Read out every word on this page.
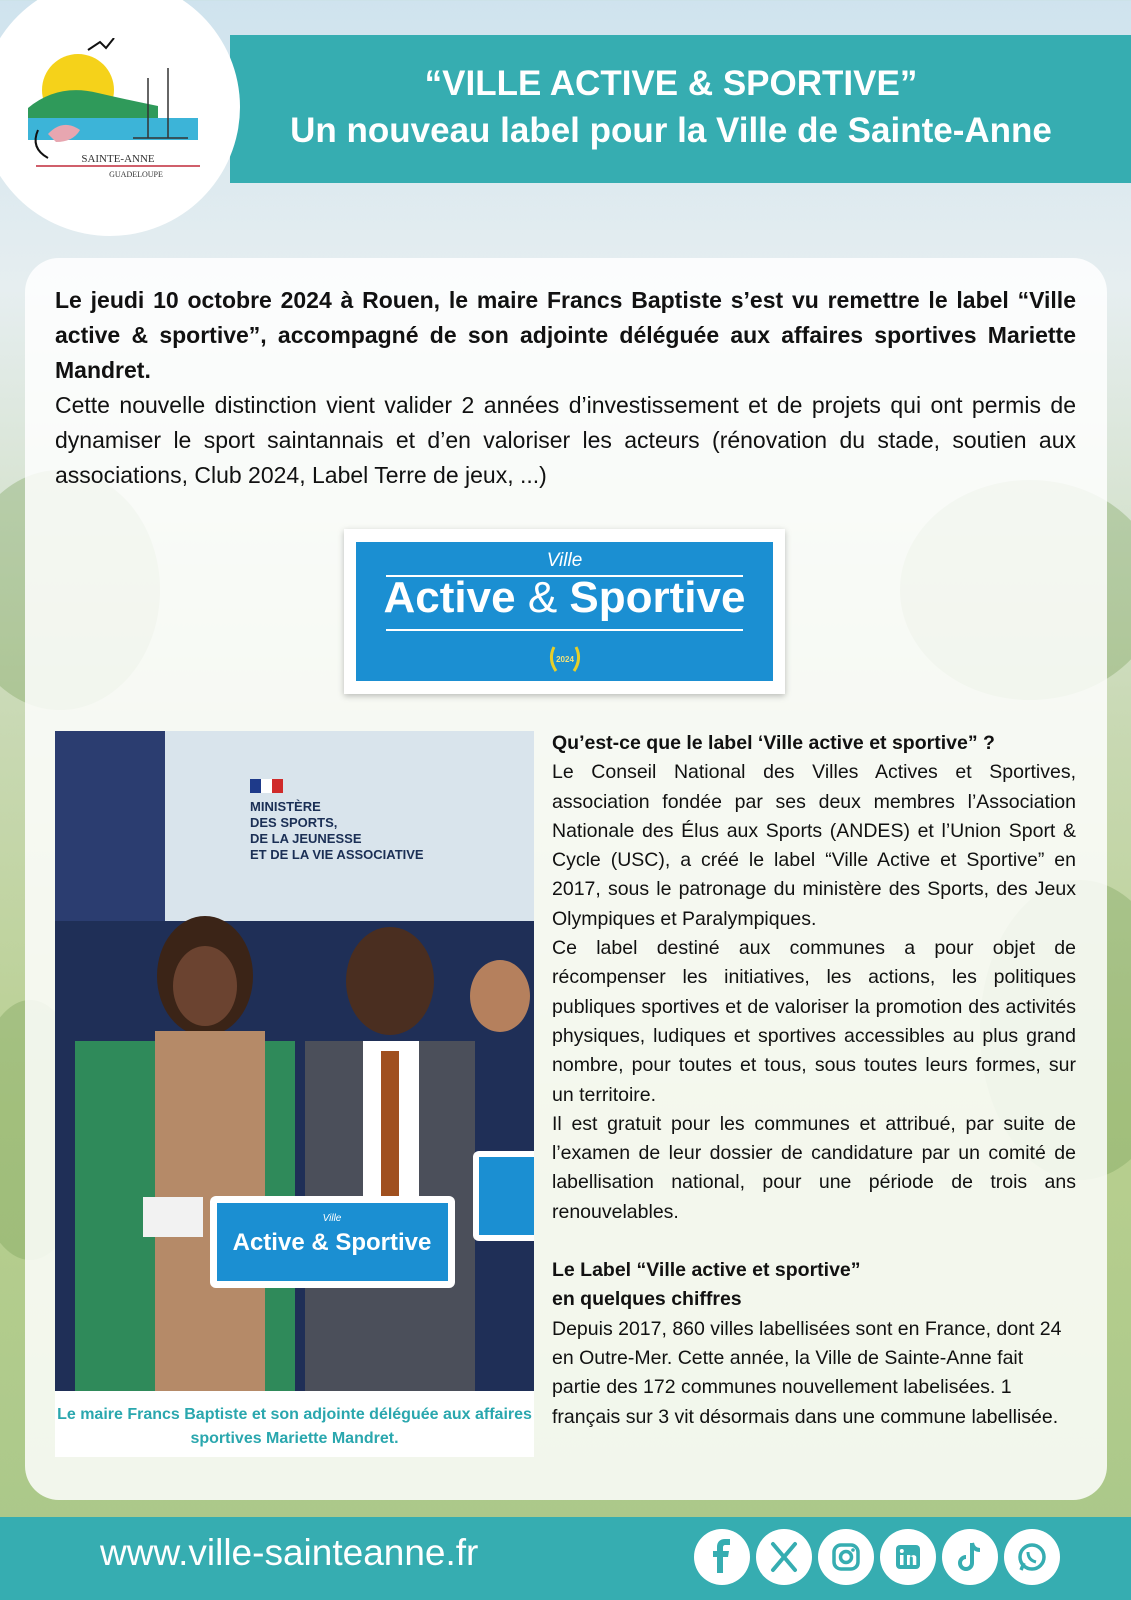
“VILLE ACTIVE & SPORTIVE”
Un nouveau label pour la Ville de Sainte-Anne
SAINTE-ANNE
GUADELOUPE
Le jeudi 10 octobre 2024 à Rouen, le maire Francs Baptiste s’est vu remettre le label “Ville active & sportive”, accompagné de son adjointe déléguée aux affaires sportives Mariette Mandret.
Cette nouvelle distinction vient valider 2 années d’investissement et de projets qui ont permis de dynamiser le sport saintannais et d’en valoriser les acteurs (rénovation du stade, soutien aux associations, Club 2024, Label Terre de jeux, ...)
Ville
Active & Sportive
2024
MINISTÈRE
DES SPORTS,
DE LA JEUNESSE
ET DE LA VIE ASSOCIATIVE
Ville
Active & Sportive
Le maire Francs Baptiste et son adjointe déléguée aux affaires sportives Mariette Mandret.

Qu’est-ce que le label ‘Ville active et sportive” ?

Le Conseil National des Villes Actives et Sportives, association fondée par ses deux membres l’Association Nationale des Élus aux Sports (ANDES) et l’Union Sport & Cycle (USC), a créé le label “Ville Active et Sportive” en 2017, sous le patronage du ministère des Sports, des Jeux Olympiques et Paralympiques.

Ce label destiné aux communes a pour objet de récompenser les initiatives, les actions, les politiques publiques sportives et de valoriser la promotion des activités physiques, ludiques et sportives accessibles au plus grand nombre, pour toutes et tous, sous toutes leurs formes, sur un territoire.

Il est gratuit pour les communes et attribué, par suite de l’examen de leur dossier de candidature par un comité de labellisation national, pour une période de trois ans renouvelables.

Le Label “Ville active et sportive”

en quelques chiffres

Depuis 2017, 860 villes labellisées sont en France, dont 24 en Outre-Mer. Cette année, la Ville de Sainte-Anne fait partie des 172 communes nouvellement labelisées. 1 français sur 3 vit désormais dans une commune labellisée.

www.ville-sainteanne.fr
